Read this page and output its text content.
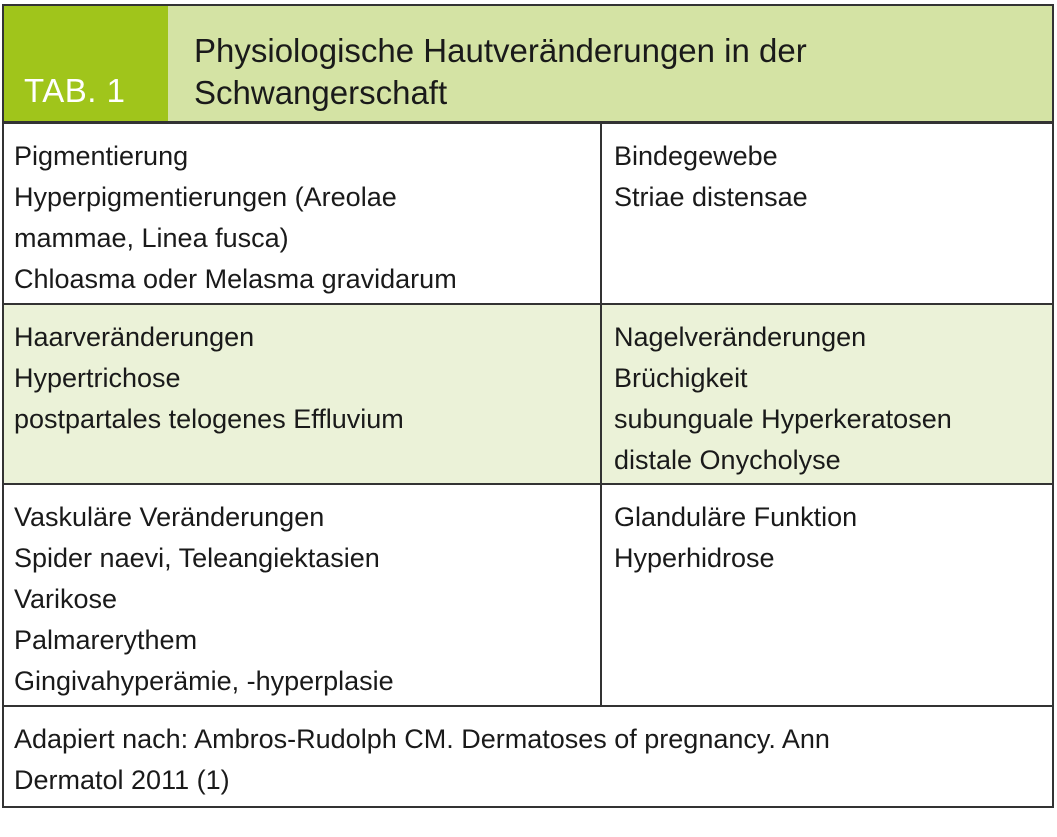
TAB. 1
Physiologische Hautveränderungen in der
Schwangerschaft
Pigmentierung
Hyperpigmentierungen (Areolae
mammae, Linea fusca)
Chloasma oder Melasma gravidarum
Bindegewebe
Striae distensae
Haarveränderungen
Hypertrichose
postpartales telogenes Effluvium
Nagelveränderungen
Brüchigkeit
subunguale Hyperkeratosen
distale Onycholyse
Vaskuläre Veränderungen
Spider naevi, Teleangiektasien
Varikose
Palmarerythem
Gingivahyperämie, -hyperplasie
Glanduläre Funktion
Hyperhidrose
Adapiert nach: Ambros-Rudolph CM. Dermatoses of pregnancy. Ann
Dermatol 2011 (1)
